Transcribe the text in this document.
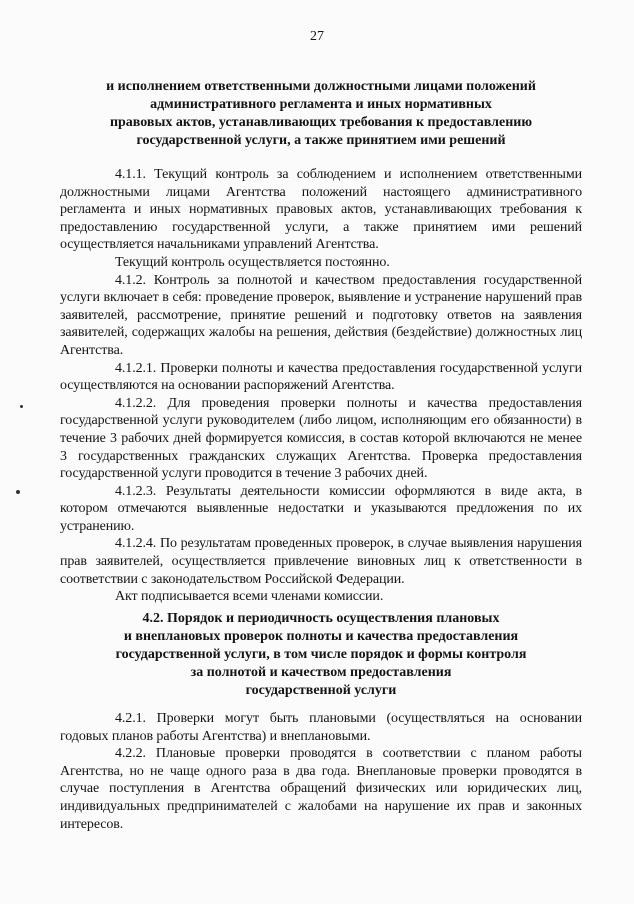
27
и исполнением ответственными должностными лицами положений
административного регламента и иных нормативных
правовых актов, устанавливающих требования к предоставлению
государственной услуги, а также принятием ими решений

4.1.1. Текущий контроль за соблюдением и исполнением ответственными должностными лицами Агентства положений настоящего административного регламента и иных нормативных правовых актов, устанавливающих требования к предоставлению государственной услуги, а также принятием ими решений осуществляется начальниками управлений Агентства.

Текущий контроль осуществляется постоянно.

4.1.2. Контроль за полнотой и качеством предоставления государственной услуги включает в себя: проведение проверок, выявление и устранение нарушений прав заявителей, рассмотрение, принятие решений и подготовку ответов на заявления заявителей, содержащих жалобы на решения, действия (бездействие) должностных лиц Агентства.

4.1.2.1. Проверки полноты и качества предоставления государственной услуги осуществляются на основании распоряжений Агентства.

4.1.2.2. Для проведения проверки полноты и качества предоставления государственной услуги руководителем (либо лицом, исполняющим его обязанности) в течение 3 рабочих дней формируется комиссия, в состав которой включаются не менее 3 государственных гражданских служащих Агентства. Проверка предоставления государственной услуги проводится в течение 3 рабочих дней.

4.1.2.3. Результаты деятельности комиссии оформляются в виде акта, в котором отмечаются выявленные недостатки и указываются предложения по их устранению.

4.1.2.4. По результатам проведенных проверок, в случае выявления нарушения прав заявителей, осуществляется привлечение виновных лиц к ответственности в соответствии с законодательством Российской Федерации.

Акт подписывается всеми членами комиссии.

4.2. Порядок и периодичность осуществления плановых
и внеплановых проверок полноты и качества предоставления
государственной услуги, в том числе порядок и формы контроля
за полнотой и качеством предоставления
государственной услуги

4.2.1. Проверки могут быть плановыми (осуществляться на основании годовых планов работы Агентства) и внеплановыми.

4.2.2. Плановые проверки проводятся в соответствии с планом работы Агентства, но не чаще одного раза в два года. Внеплановые проверки проводятся в случае поступления в Агентства обращений физических или юридических лиц, индивидуальных предпринимателей с жалобами на нарушение их прав и законных интересов.
